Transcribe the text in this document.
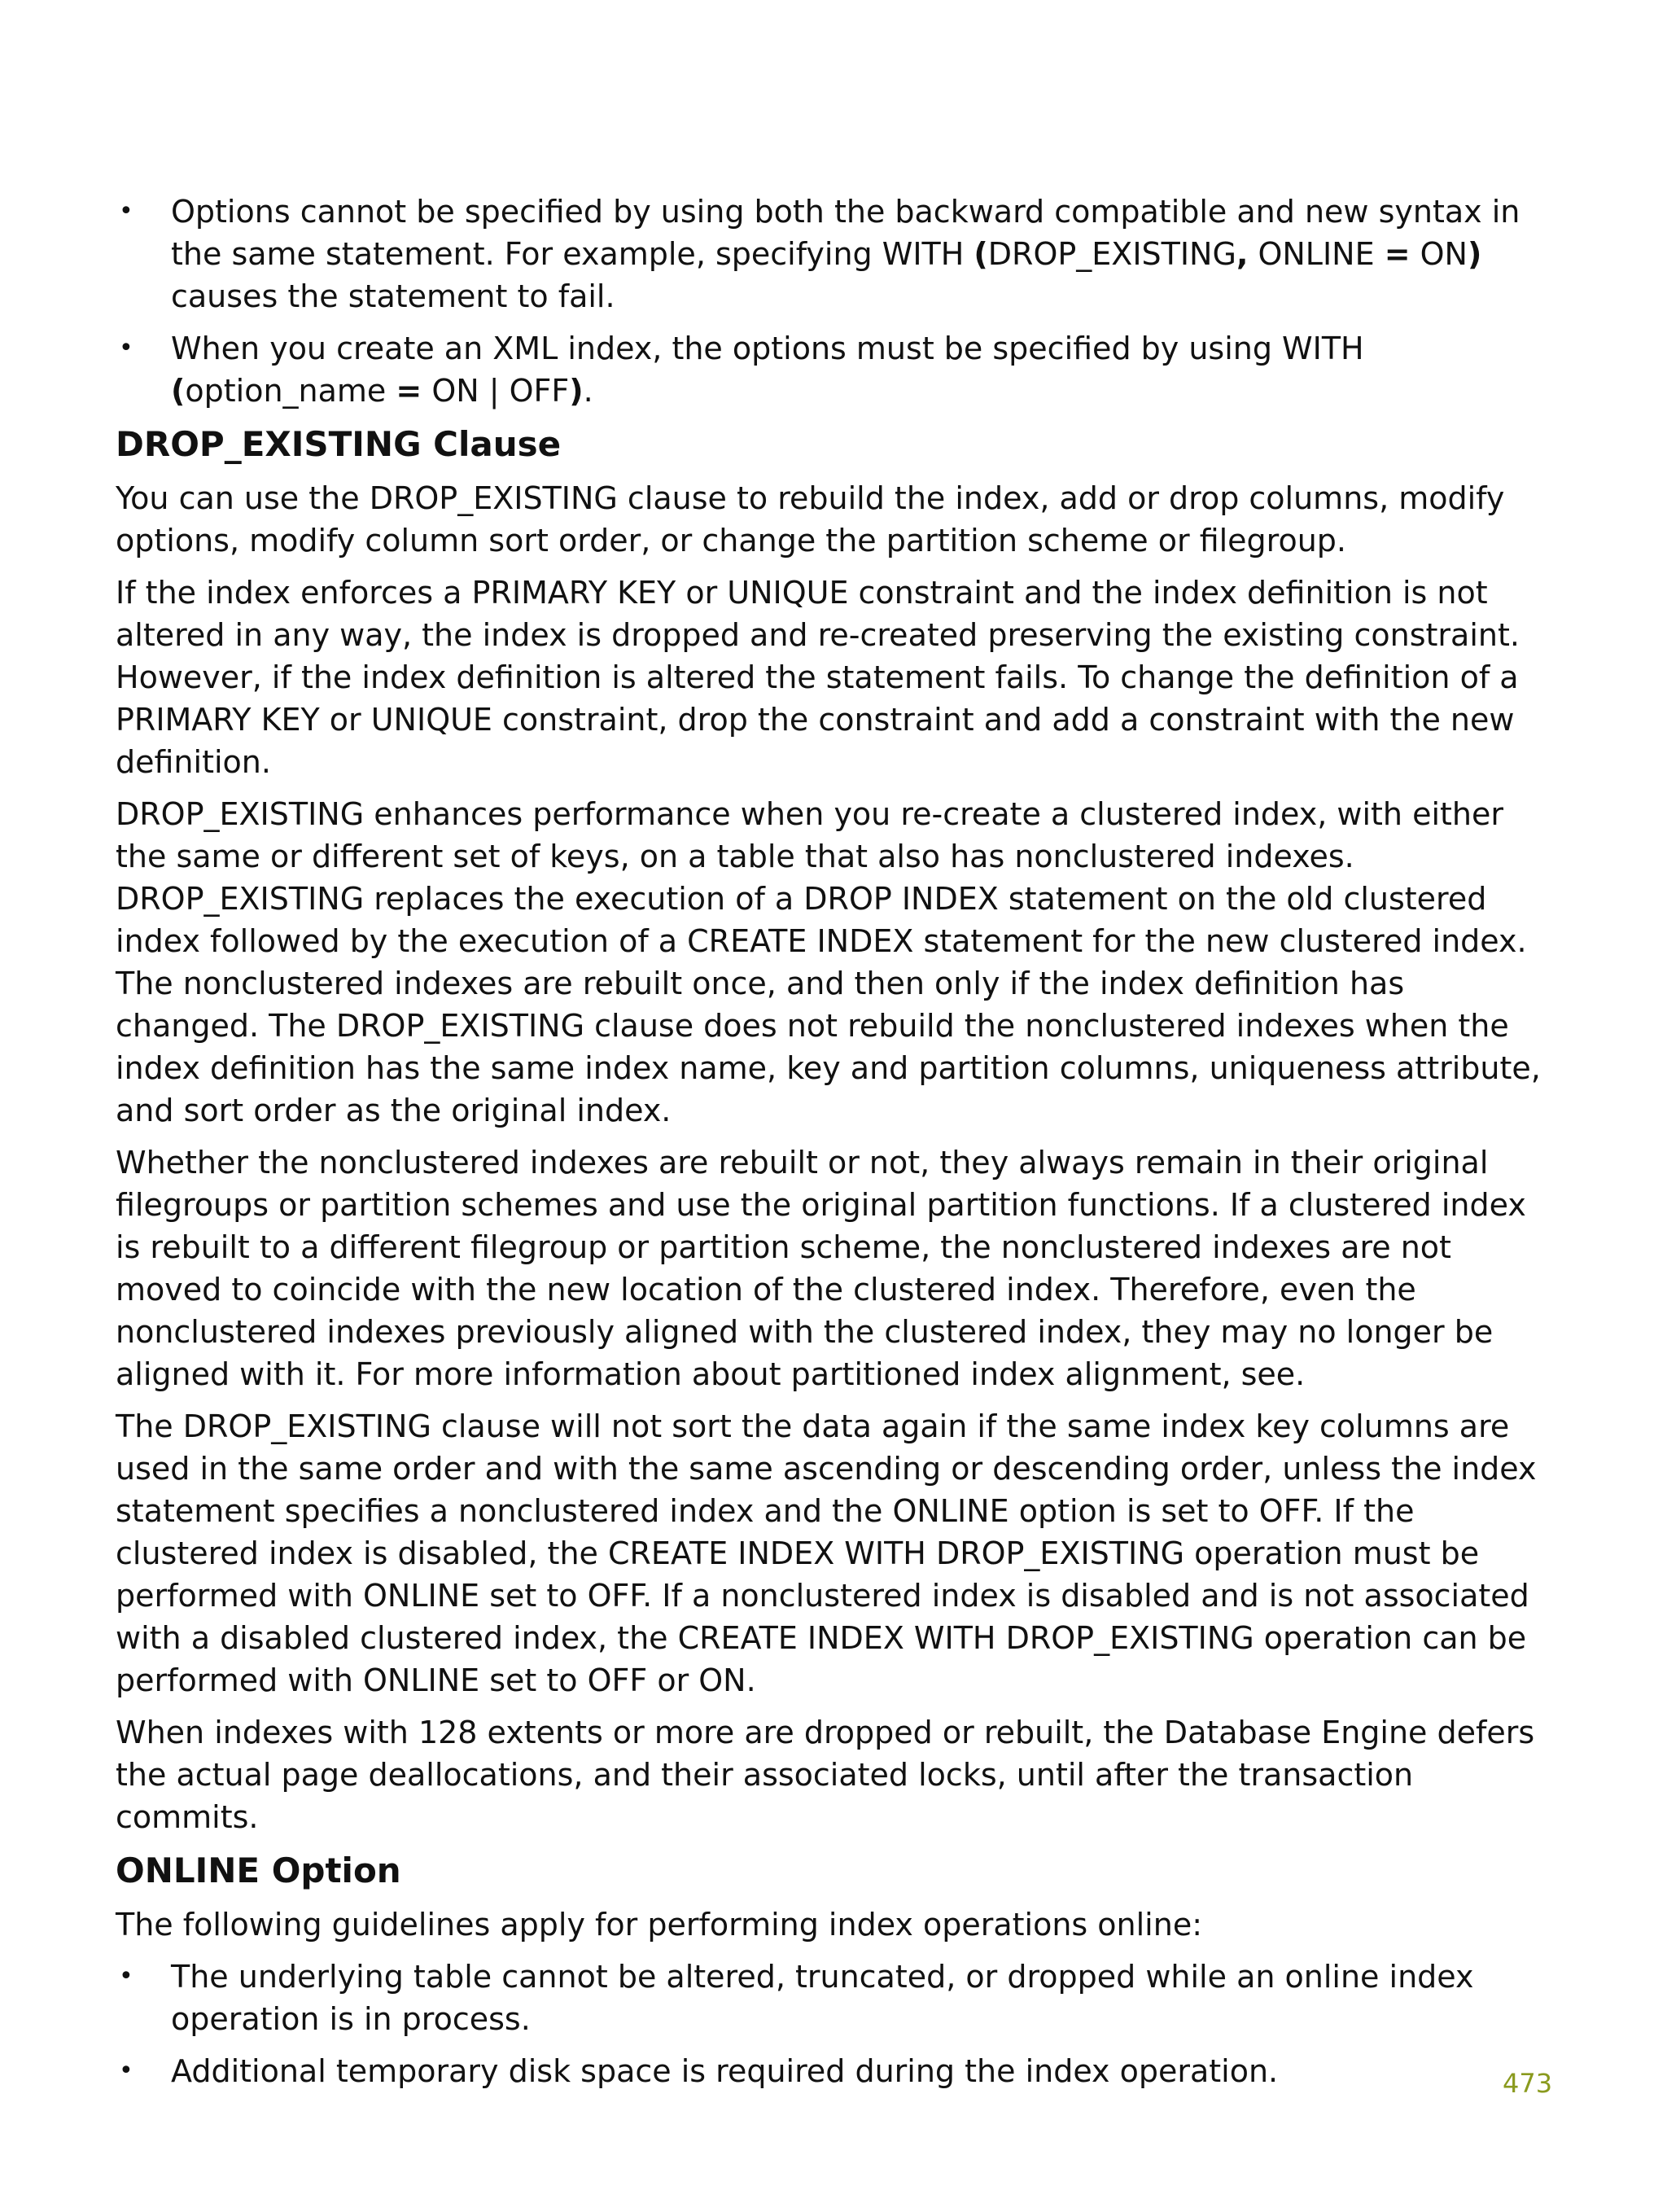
• Options cannot be specified by using both the backward compatible and new syntax in the same statement. For example, specifying WITH (DROP_EXISTING, ONLINE = ON) causes the statement to fail.
• When you create an XML index, the options must be specified by using WITH (option_name = ON | OFF).
DROP_EXISTING Clause

You can use the DROP_EXISTING clause to rebuild the index, add or drop columns, modify options, modify column sort order, or change the partition scheme or filegroup.

If the index enforces a PRIMARY KEY or UNIQUE constraint and the index definition is not altered in any way, the index is dropped and re-created preserving the existing constraint. However, if the index definition is altered the statement fails. To change the definition of a PRIMARY KEY or UNIQUE constraint, drop the constraint and add a constraint with the new definition.

DROP_EXISTING enhances performance when you re-create a clustered index, with either the same or different set of keys, on a table that also has nonclustered indexes. DROP_EXISTING replaces the execution of a DROP INDEX statement on the old clustered index followed by the execution of a CREATE INDEX statement for the new clustered index. The nonclustered indexes are rebuilt once, and then only if the index definition has changed. The DROP_EXISTING clause does not rebuild the nonclustered indexes when the index definition has the same index name, key and partition columns, uniqueness attribute, and sort order as the original index.

Whether the nonclustered indexes are rebuilt or not, they always remain in their original filegroups or partition schemes and use the original partition functions. If a clustered index is rebuilt to a different filegroup or partition scheme, the nonclustered indexes are not moved to coincide with the new location of the clustered index. Therefore, even the nonclustered indexes previously aligned with the clustered index, they may no longer be aligned with it. For more information about partitioned index alignment, see.

The DROP_EXISTING clause will not sort the data again if the same index key columns are used in the same order and with the same ascending or descending order, unless the index statement specifies a nonclustered index and the ONLINE option is set to OFF. If the clustered index is disabled, the CREATE INDEX WITH DROP_EXISTING operation must be performed with ONLINE set to OFF. If a nonclustered index is disabled and is not associated with a disabled clustered index, the CREATE INDEX WITH DROP_EXISTING operation can be performed with ONLINE set to OFF or ON.

When indexes with 128 extents or more are dropped or rebuilt, the Database Engine defers the actual page deallocations, and their associated locks, until after the transaction commits.

ONLINE Option

The following guidelines apply for performing index operations online:

• The underlying table cannot be altered, truncated, or dropped while an online index operation is in process.
• Additional temporary disk space is required during the index operation.	473
